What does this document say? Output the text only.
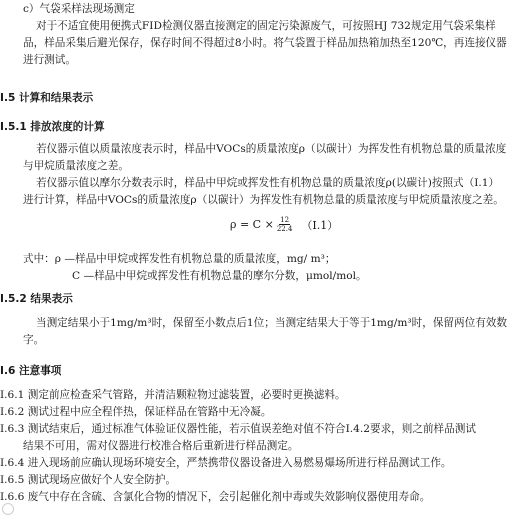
c）气袋采样法现场测定
对于不适宜使用便携式FID检测仪器直接测定的固定污染源废气，可按照HJ 732规定用气袋采集样
品，样品采集后避光保存，保存时间不得超过8小时。将气袋置于样品加热箱加热至120℃，再连接仪器
进行测试。
I.5 计算和结果表示
I.5.1 排放浓度的计算
若仪器示值以质量浓度表示时，样品中VOCs的质量浓度ρ（以碳计）为挥发性有机物总量的质量浓度
与甲烷质量浓度之差。
若仪器示值以摩尔分数表示时，样品中甲烷或挥发性有机物总量的质量浓度ρ(以碳计)按照式（I.1）
进行计算，样品中VOCs的质量浓度ρ（以碳计）为挥发性有机物总量的质量浓度与甲烷质量浓度之差。
$\rho = C \times \frac{12}{22.4} (I.1)$
式中：ρ —样品中甲烷或挥发性有机物总量的质量浓度，mg/ m³；
C —样品中甲烷或挥发性有机物总量的摩尔分数，μmol/mol。
I.5.2 结果表示
当测定结果小于1mg/m³时，保留至小数点后1位；当测定结果大于等于1mg/m³时，保留两位有效数
字。
I.6 注意事项
I.6.1 测定前应检查采气管路，并清洁颗粒物过滤装置，必要时更换滤料。
I.6.2 测试过程中应全程伴热，保证样品在管路中无冷凝。
I.6.3 测试结束后，通过标准气体验证仪器性能，若示值误差绝对值不符合I.4.2要求，则之前样品测试
结果不可用，需对仪器进行校准合格后重新进行样品测定。
I.6.4 进入现场前应确认现场环境安全，严禁携带仪器设备进入易燃易爆场所进行样品测试工作。
I.6.5 测试现场应做好个人安全防护。
I.6.6 废气中存在含硫、含氯化合物的情况下，会引起催化剂中毒或失效影响仪器使用寿命。
